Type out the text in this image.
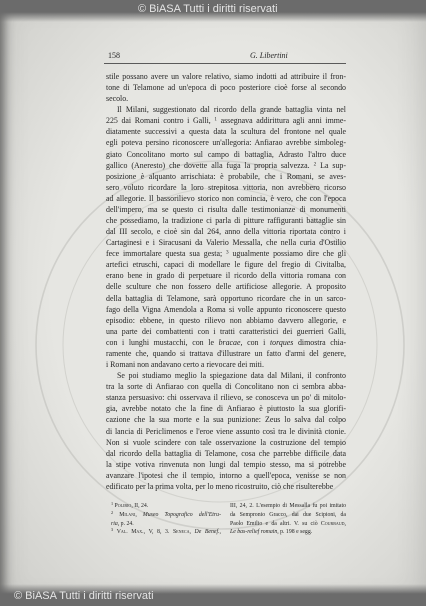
© BiASA Tutti i diritti riservati
158	G. Libertini
stile possano avere un valore relativo, siamo indotti ad attribuire il fron-
tone di Telamone ad un'epoca di poco posteriore cioè forse al secondo
secolo.
Il Milani, suggestionato dal ricordo della grande battaglia vinta nel
225 dai Romani contro i Galli, $^1$ assegnava addirittura agli anni imme-
diatamente successivi a questa data la scultura del frontone nel quale
egli poteva persino riconoscere un'allegoria: Anfiarao avrebbe simboleg-
giato Concolitano morto sul campo di battaglia, Adrasto l'altro duce
gallico (Aneresto) che dovette alla fuga la propria salvezza. $^2$ La sup-
posizione è alquanto arrischiata: è probabile, che i Romani, se aves-
sero voluto ricordare la loro strepitosa vittoria, non avrebbero ricorso
ad allegorie. Il bassorilievo storico non comincia, è vero, che con l'epoca
dell'impero, ma se questo ci risulta dalle testimonianze di monumenti
che possediamo, la tradizione ci parla di pitture raffiguranti battaglie sin
dal III secolo, e cioè sin dal 264, anno della vittoria riportata contro i
Cartaginesi e i Siracusani da Valerio Messalla, che nella curia d'Ostilio
fece immortalare questa sua gesta; $^3$ ugualmente possiamo dire che gli
artefici etruschi, capaci di modellare le figure del fregio di Civitalba,
erano bene in grado di perpetuare il ricordo della vittoria romana con
delle sculture che non fossero delle artificiose allegorie. A proposito
della battaglia di Telamone, sarà opportuno ricordare che in un sarco-
fago della Vigna Amendola a Roma si volle appunto riconoscere questo
episodio: ebbene, in questo rilievo non abbiamo davvero allegorie, e
una parte dei combattenti con i tratti caratteristici dei guerrieri Galli,
con i lunghi mustacchi, con le bracae, con i torques dimostra chia-
ramente che, quando si trattava d'illustrare un fatto d'armi del genere,
i Romani non andavano certo a rievocare dei miti.
Se poi studiamo meglio la spiegazione data dal Milani, il confronto
tra la sorte di Anfiarao con quella di Concolitano non ci sembra abba-
stanza persuasivo: chi osservava il rilievo, se conosceva un po' di mitolo-
gia, avrebbe notato che la fine di Anfiarao è piuttosto la sua glorifi-
cazione che la sua morte e la sua punizione: Zeus lo salva dal colpo
di lancia di Periclimenos e l'eroe viene assunto così tra le divinità ctonie.
Non si vuole scindere con tale osservazione la costruzione del tempio
dal ricordo della battaglia di Telamone, cosa che parrebbe difficile data
la stipe votiva rinvenuta non lungi dal tempio stesso, ma si potrebbe
avanzare l'ipotesi che il tempio, intorno a quell'epoca, venisse se non
edificato per la prima volta, per lo meno ricostruito, ciò che risulterebbe
$^1$ Polibio, II, 24.
$^2$ Milani, Museo Topografico dell'Etru-
ria, p. 24.
$^3$ Val. Max., V, 8, 3. Seneca, De Benef.,
III, 24, 2. L'esempio di Messalla fu poi imitato
da Sempronio Gracco, dai due Scipioni, da
Paolo Emilio e da altri. V. su ciò Courbaud,
Le bas-relief romain, p. 198 e segg.
© BiASA Tutti i diritti riservati
